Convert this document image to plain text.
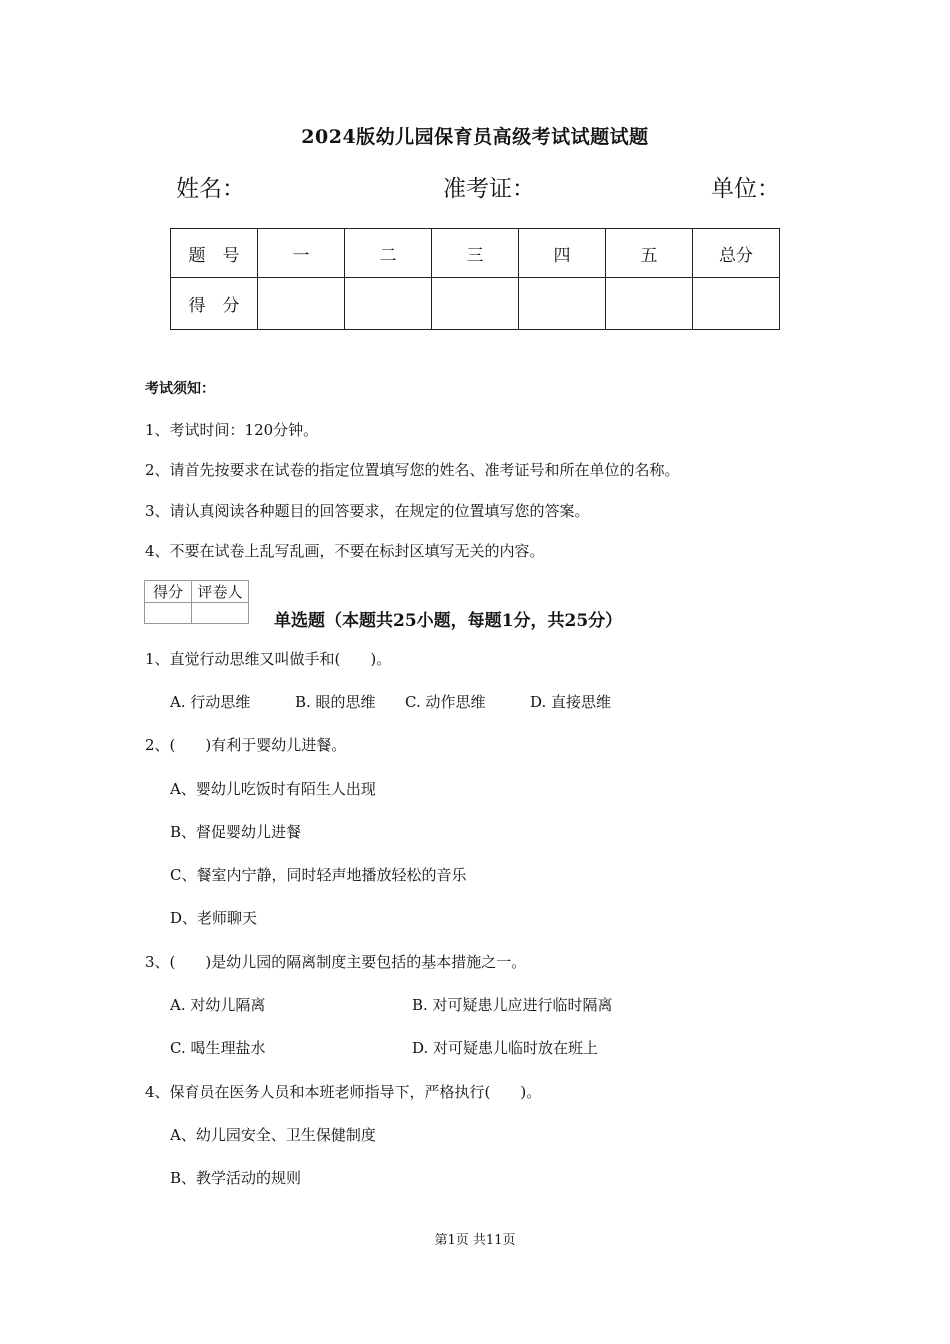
2024版幼儿园保育员高级考试试题试题
姓名：	准考证：	单位：
题　号	一	二	三	四	五	总分
得　分						
考试须知：
1、考试时间：120分钟。
2、请首先按要求在试卷的指定位置填写您的姓名、准考证号和所在单位的名称。
3、请认真阅读各种题目的回答要求，在规定的位置填写您的答案。
4、不要在试卷上乱写乱画，不要在标封区填写无关的内容。
得分	评卷人

单选题（本题共25小题，每题1分，共25分）
1、直觉行动思维又叫做手和(　　)。
A. 行动思维	B. 眼的思维 C. 动作思维	D. 直接思维
2、(　　)有利于婴幼儿进餐。
A、婴幼儿吃饭时有陌生人出现
B、督促婴幼儿进餐
C、餐室内宁静，同时轻声地播放轻松的音乐
D、老师聊天
3、(　　)是幼儿园的隔离制度主要包括的基本措施之一。
A. 对幼儿隔离	B. 对可疑患儿应进行临时隔离
C. 喝生理盐水	D. 对可疑患儿临时放在班上
4、保育员在医务人员和本班老师指导下，严格执行(　　)。
A、幼儿园安全、卫生保健制度
B、教学活动的规则
第1页 共11页
